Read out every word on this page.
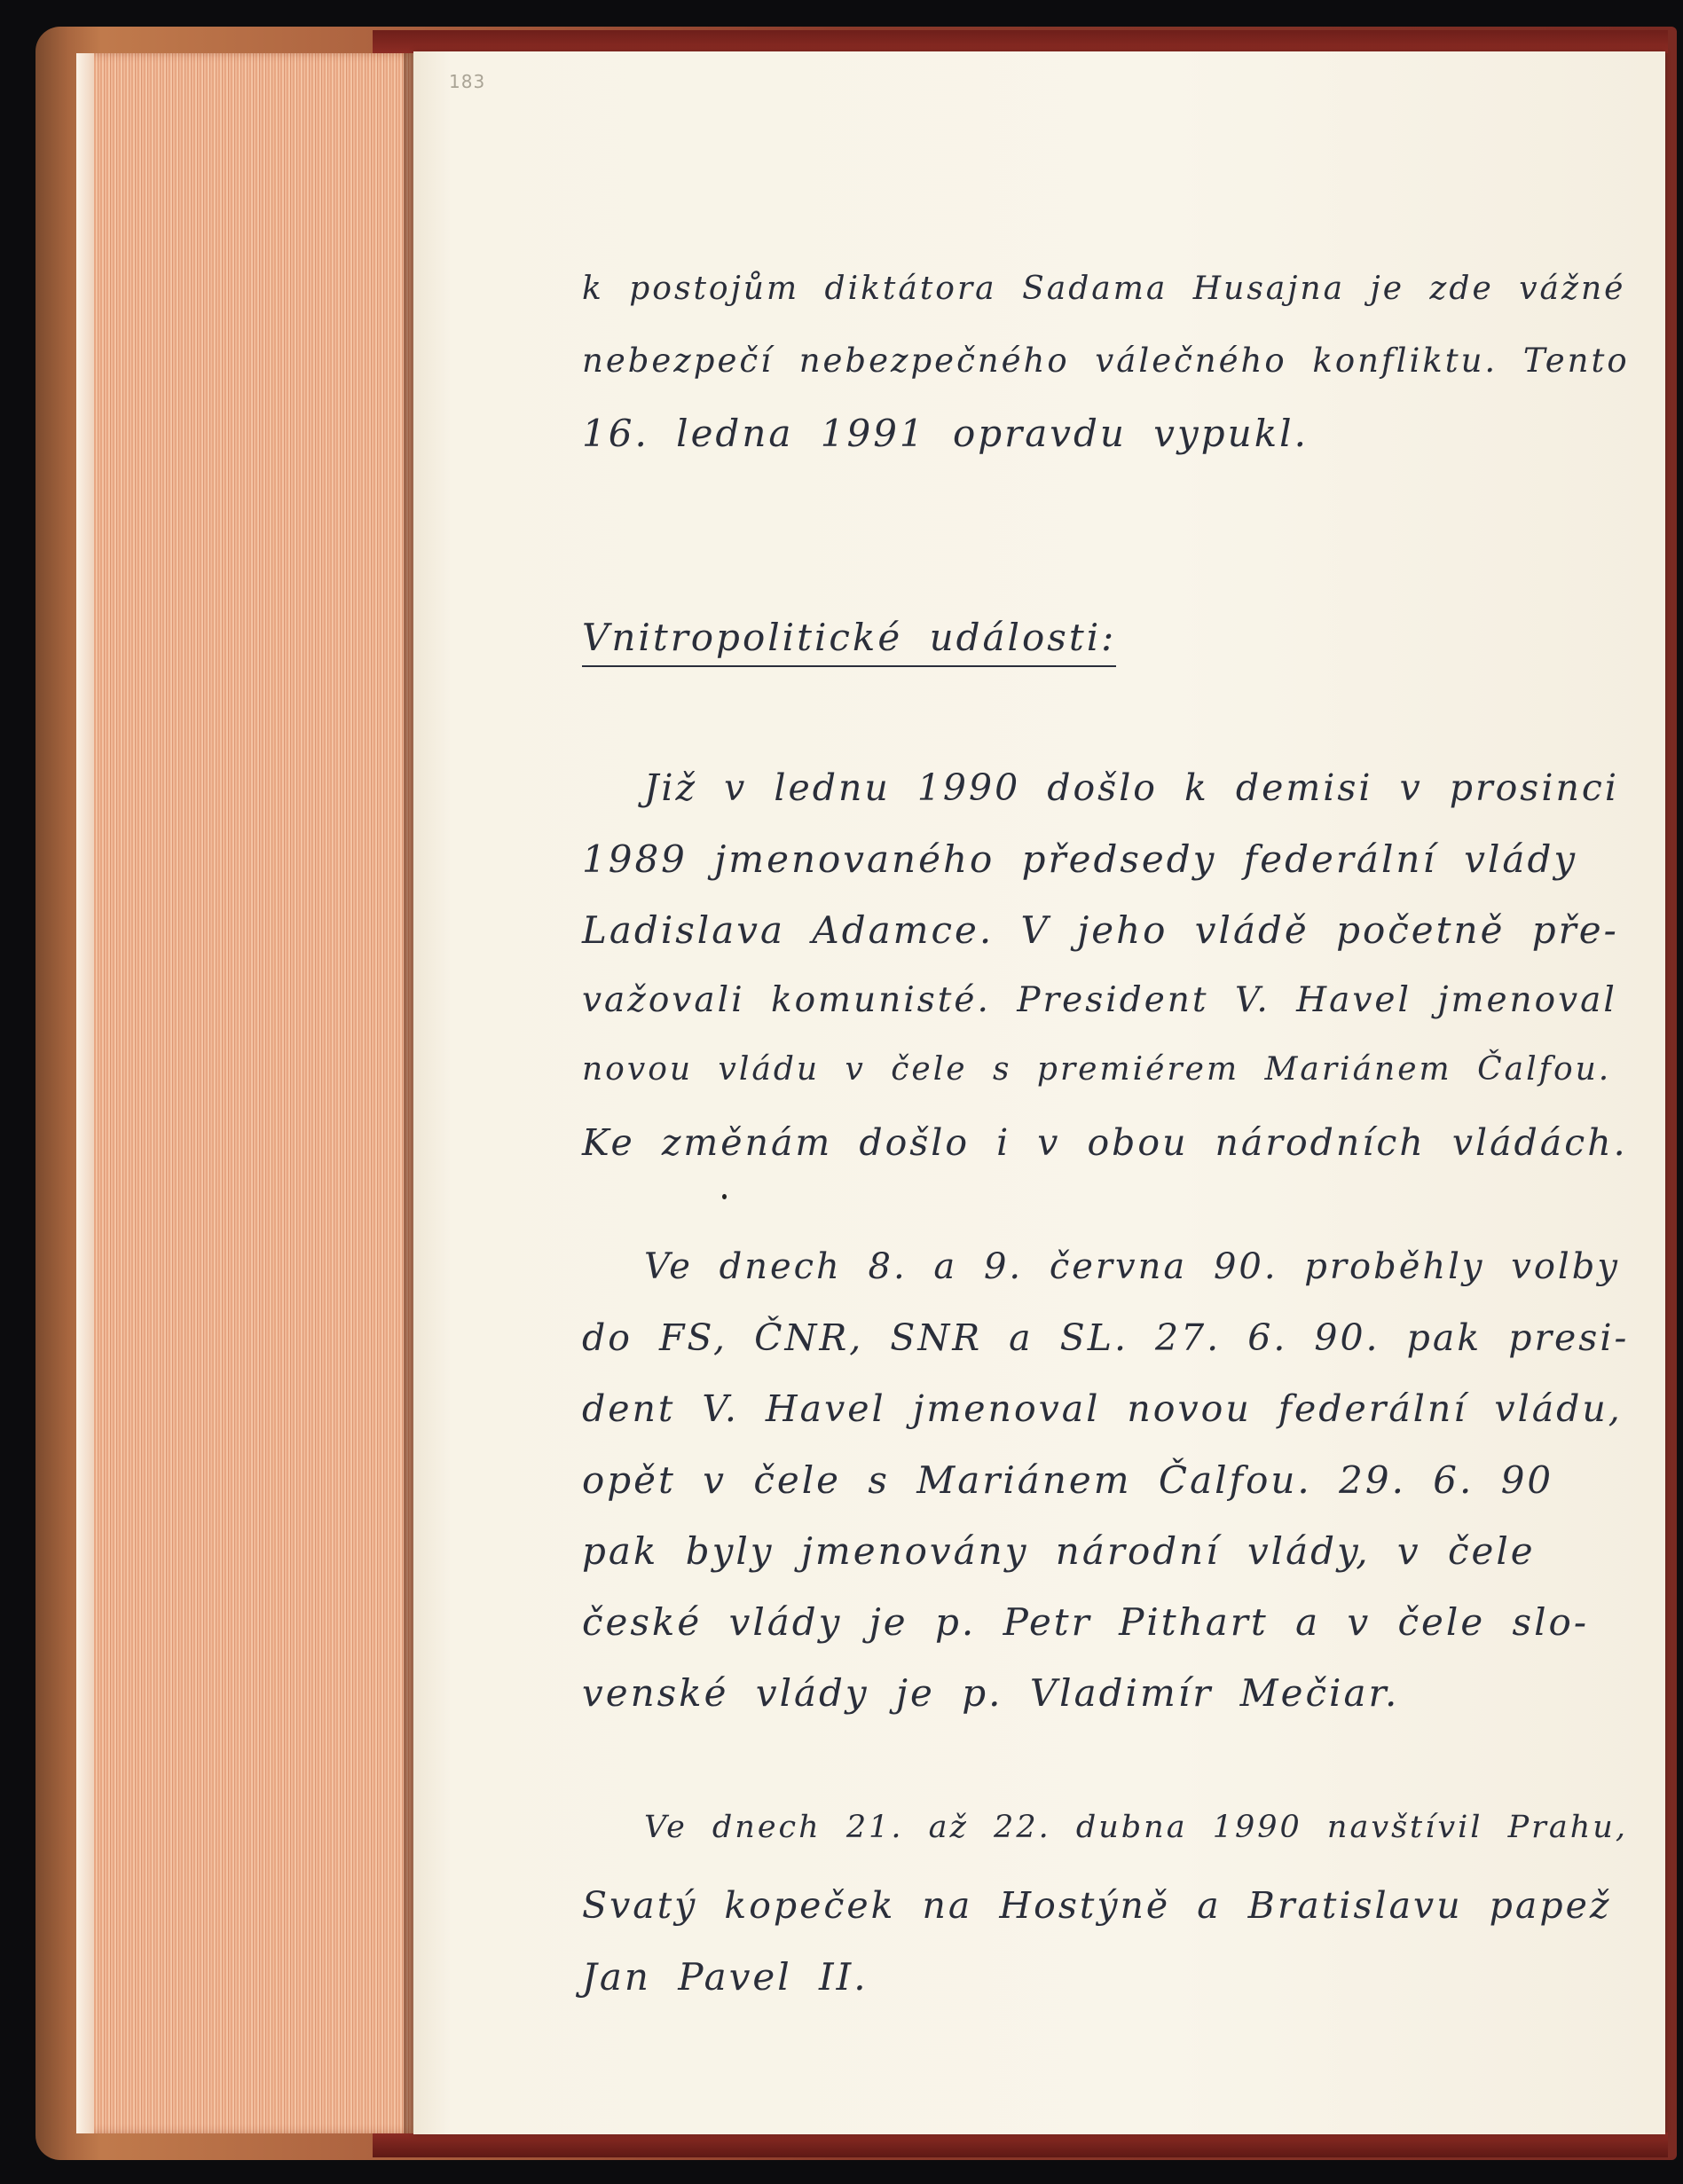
183
k postojům diktátora Sadama Husajna je zde vážné
nebezpečí nebezpečného válečného konfliktu. Tento
16. ledna 1991 opravdu vypukl.
Vnitropolitické události:
Již v lednu 1990 došlo k demisi v prosinci
1989 jmenovaného předsedy federální vlády
Ladislava Adamce. V jeho vládě početně pře-
važovali komunisté. President V. Havel jmenoval
novou vládu v čele s premiérem Mariánem Čalfou.
Ke změnám došlo i v obou národních vládách.
Ve dnech 8. a 9. června 90. proběhly volby
do FS, ČNR, SNR a SL. 27. 6. 90. pak presi-
dent V. Havel jmenoval novou federální vládu,
opět v čele s Mariánem Čalfou. 29. 6. 90
pak byly jmenovány národní vlády, v čele
české vlády je p. Petr Pithart a v čele slo-
venské vlády je p. Vladimír Mečiar.
Ve dnech 21. až 22. dubna 1990 navštívil Prahu,
Svatý kopeček na Hostýně a Bratislavu papež
Jan Pavel II.
